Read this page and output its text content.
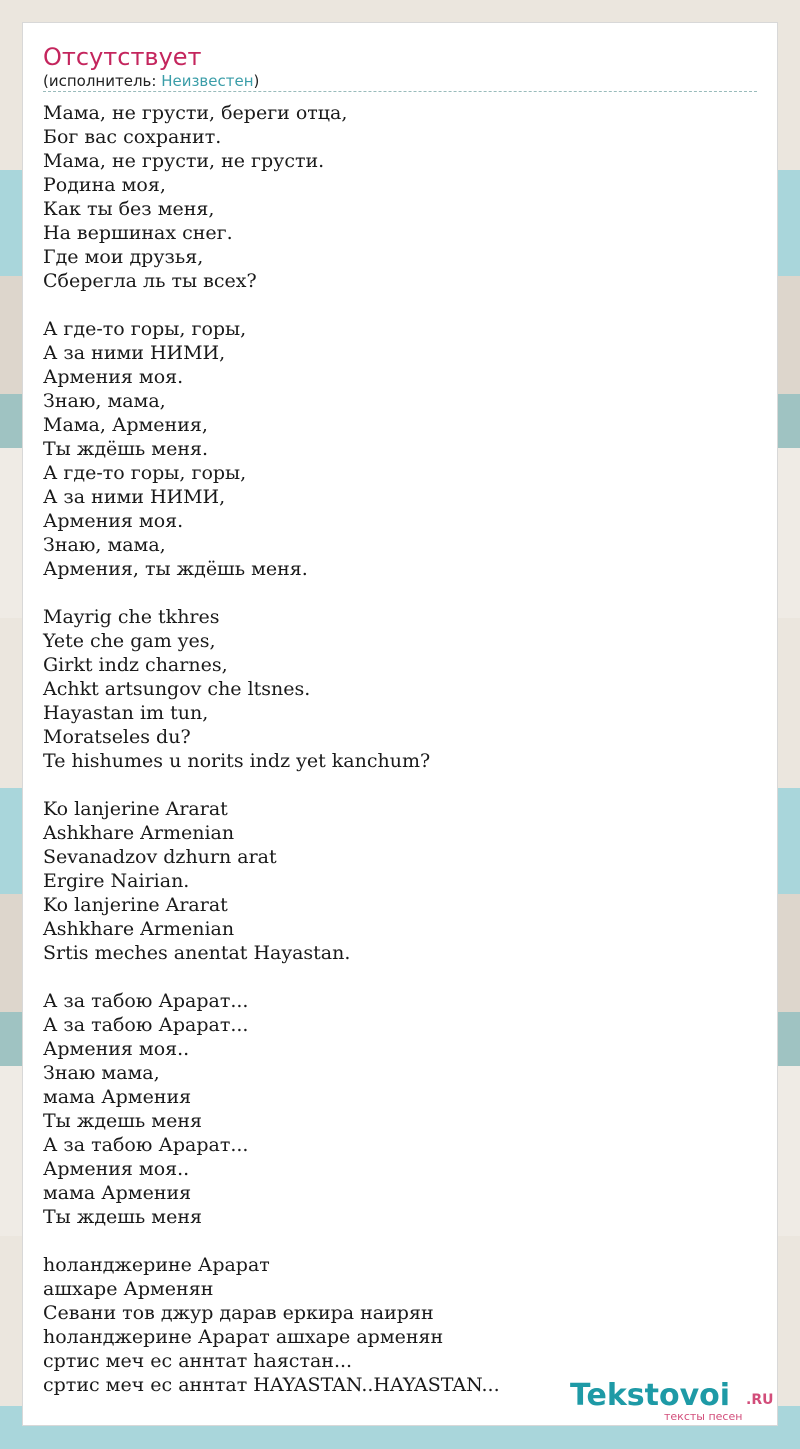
Отсутствует
(исполнитель: Неизвестен)
Мама, не грусти, береги отца,
Бог вас сохранит.
Мама, не грусти, не грусти.
Родина моя,
Как ты без меня,
На вершинах снег.
Где мои друзья,
Сберегла ль ты всех?
А где-то горы, горы,
А за ними НИМИ,
Армения моя.
Знаю, мама,
Мама, Армения,
Ты ждёшь меня.
А где-то горы, горы,
А за ними НИМИ,
Армения моя.
Знаю, мама,
Армения, ты ждёшь меня.
Mayrig che tkhres
Yete che gam yes,
Girkt indz charnes,
Achkt artsungov che ltsnes.
Hayastan im tun,
Moratseles du?
Te hishumes u norits indz yet kanchum?
Ko lanjerine Ararat
Ashkhare Armenian
Sevanadzov dzhurn arat
Ergire Nairian.
Ko lanjerine Ararat
Ashkhare Armenian
Srtis meches anentat Hayastan.
А за табою Арарат...
А за табою Арарат...
Армения моя..
Знаю мама,
мама Армения
Ты ждешь меня
А за табою Арарат...
Армения моя..
мама Армения
Ты ждешь меня
hоланджерине Арарат
ашхаре Арменян
Севани тов джур дарав еркира наирян
hоланджерине Арарат ашхаре арменян
сртис меч ес аннтат hаястан...
сртис меч ес аннтат HAYASTAN..HAYASTAN...	Tekstovoi .RU
тексты песен
